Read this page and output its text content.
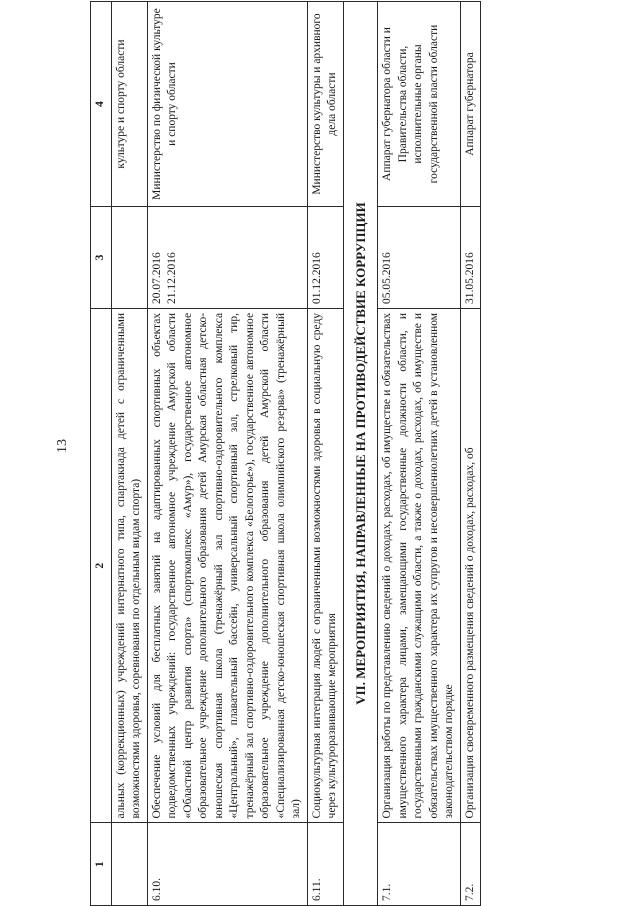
13
1	2	3	4
	альных (коррекционных) учреждений интернатного типа, спартакиада детей с ограниченными возможностями здоровья, соревнования по отдельным видам спорта)		культуре и спорту области
6.10.	Обеспечение условий для бесплатных занятий на адаптированных спортивных объектах подведомственных учреждений: государственное автономное учреждение Амурской области «Областной центр развития спорта» (спорткомплекс «Амур»), государственное автономное образовательное учреждение дополнительного образования детей Амурская областная детско-юношеская спортивная школа (тренажёрный зал спортивно-оздоровительного комплекса «Центральный», плавательный бассейн, универсальный спортивный зал, стрелковый тир, тренажёрный зал спортивно-оздоровительного комплекса «Белогорье»), государственное автономное образовательное учреждение дополнительного образования детей Амурской области «Специализированная детско-юношеская спортивная школа олимпийского резерва» (тренажёрный зал)	20.07.2016 21.12.2016	Министерство по физической культуре и спорту области
6.11.	Социокультурная интеграция людей с ограниченными возможностями здоровья в социальную среду через культуроразвивающие мероприятия	01.12.2016	Министерство культуры и архивного дела области
VII. МЕРОПРИЯТИЯ, НАПРАВЛЕННЫЕ НА ПРОТИВОДЕЙСТВИЕ КОРРУПЦИИ			
7.1.	Организация работы по представлению сведений о доходах, расходах, об имуществе и обязательствах имущественного характера лицами, замещающими государственные должности области, и государственными гражданскими служащими области, а также о доходах, расходах, об имуществе и обязательствах имущественного характера их супругов и несовершеннолетних детей в установленном законодательством порядке	05.05.2016	Аппарат губернатора области и Правительства области, исполнительные органы государственной власти области
7.2.	Организация своевременного размещения сведений о доходах, расходах, об	31.05.2016	Аппарат губернатора
